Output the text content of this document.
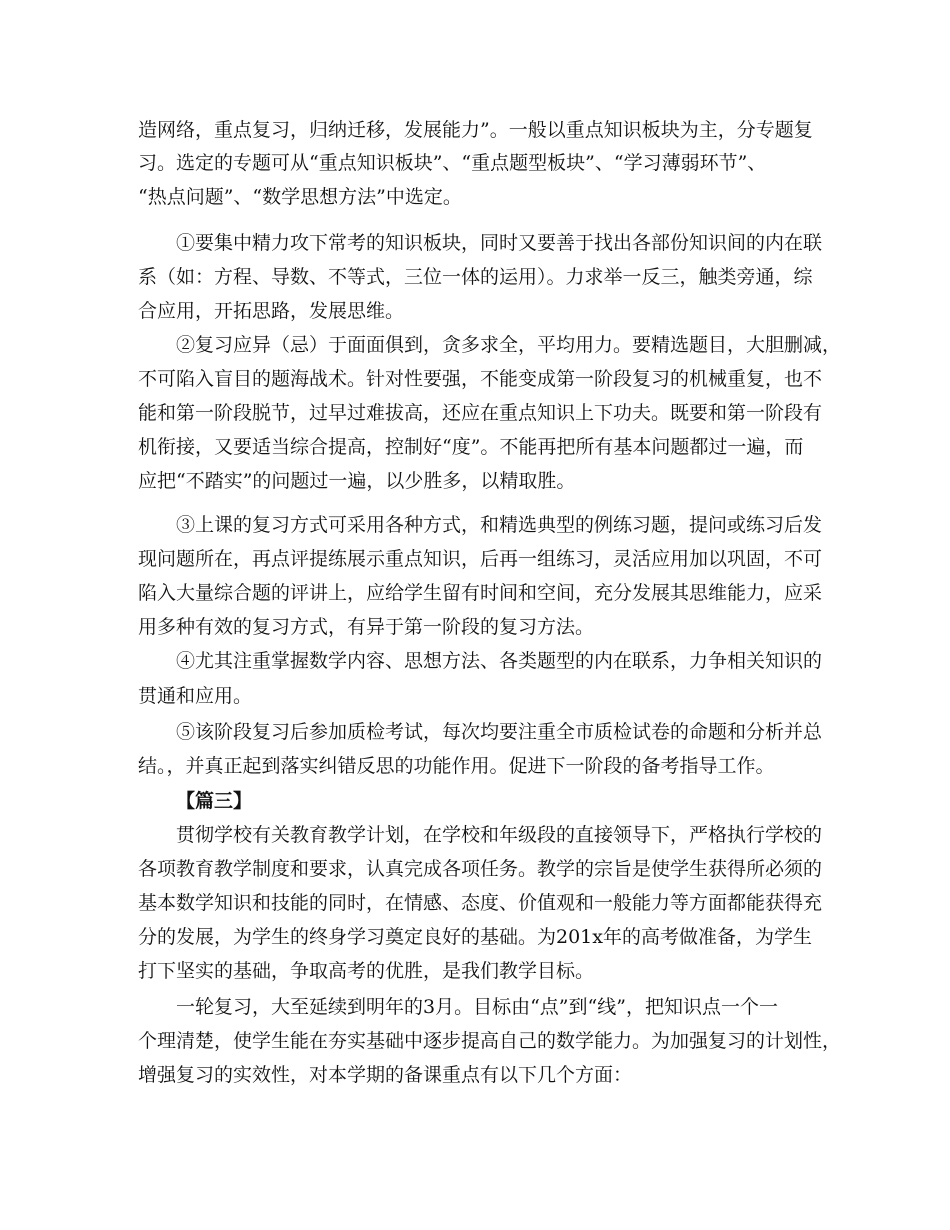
造网络，重点复习，归纳迁移，发展能力”。一般以重点知识板块为主，分专题复

习。选定的专题可从“重点知识板块”、“重点题型板块”、“学习薄弱环节”、

“热点问题”、“数学思想方法”中选定。

①要集中精力攻下常考的知识板块，同时又要善于找出各部份知识间的内在联

系（如：方程、导数、不等式，三位一体的运用）。力求举一反三，触类旁通，综

合应用，开拓思路，发展思维。

②复习应异（忌）于面面俱到，贪多求全，平均用力。要精选题目，大胆删减，

不可陷入盲目的题海战术。针对性要强，不能变成第一阶段复习的机械重复，也不

能和第一阶段脱节，过早过难拔高，还应在重点知识上下功夫。既要和第一阶段有

机衔接，又要适当综合提高，控制好“度”。不能再把所有基本问题都过一遍，而

应把“不踏实”的问题过一遍，以少胜多，以精取胜。

③上课的复习方式可采用各种方式，和精选典型的例练习题，提问或练习后发

现问题所在，再点评提练展示重点知识，后再一组练习，灵活应用加以巩固，不可

陷入大量综合题的评讲上，应给学生留有时间和空间，充分发展其思维能力，应采

用多种有效的复习方式，有异于第一阶段的复习方法。

④尤其注重掌握数学内容、思想方法、各类题型的内在联系，力争相关知识的

贯通和应用。

⑤该阶段复习后参加质检考试，每次均要注重全市质检试卷的命题和分析并总

结。，并真正起到落实纠错反思的功能作用。促进下一阶段的备考指导工作。

【篇三】

贯彻学校有关教育教学计划，在学校和年级段的直接领导下，严格执行学校的

各项教育教学制度和要求，认真完成各项任务。教学的宗旨是使学生获得所必须的

基本数学知识和技能的同时，在情感、态度、价值观和一般能力等方面都能获得充

分的发展，为学生的终身学习奠定良好的基础。为201x年的高考做准备，为学生

打下坚实的基础，争取高考的优胜，是我们教学目标。

一轮复习，大至延续到明年的3月。目标由“点”到“线”，把知识点一个一

个理清楚，使学生能在夯实基础中逐步提高自己的数学能力。为加强复习的计划性，

增强复习的实效性，对本学期的备课重点有以下几个方面：
